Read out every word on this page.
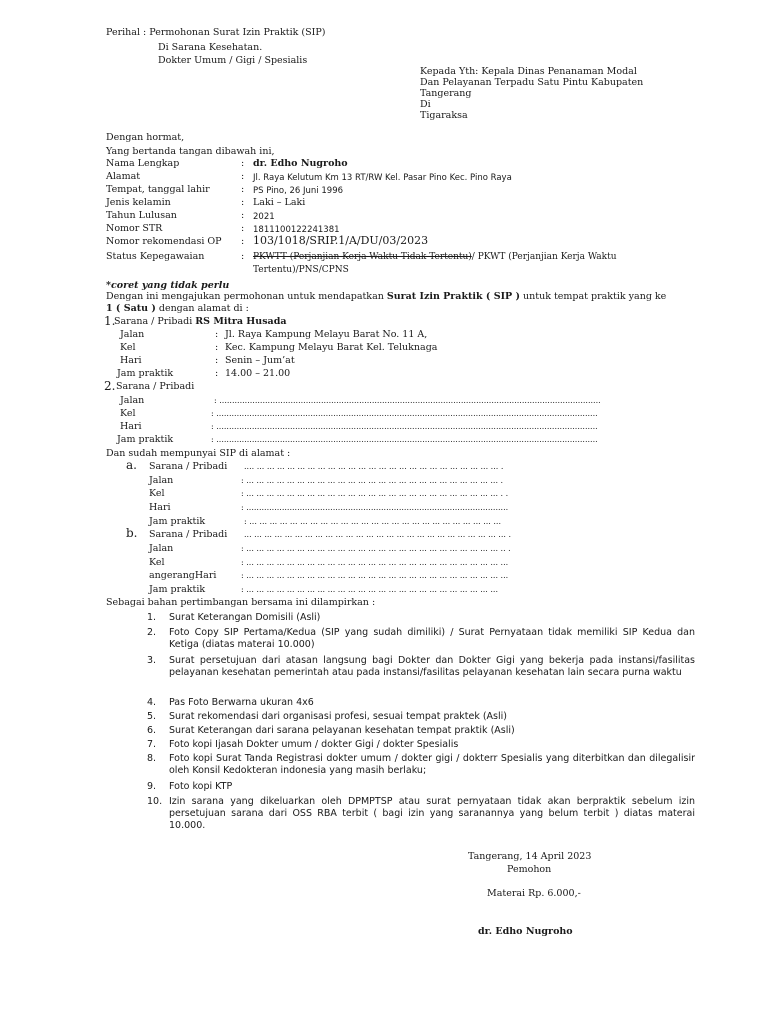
Perihal : Permohonan Surat Izin Praktik (SIP)
Di Sarana Kesehatan.
Dokter Umum / Gigi / Spesialis
Kepada Yth: Kepala Dinas Penanaman Modal
Dan Pelayanan Terpadu Satu Pintu Kabupaten
Tangerang
Di
Tigaraksa
Dengan hormat,
Yang bertanda tangan dibawah ini,
Nama Lengkap	: dr. Edho Nugroho
Alamat	: Jl. Raya Kelutum Km 13 RT/RW Kel. Pasar Pino Kec. Pino Raya
Tempat, tanggal lahir	: PS Pino, 26 Juni 1996
Jenis kelamin	: Laki – Laki
Tahun Lulusan	: 2021
Nomor STR	: 1811100122241381
Nomor rekomendasi OP : 103/1018/SRIP.1/A/DU/03/2023
Status Kepegawaian	: PKWTT (Perjanjian Kerja Waktu Tidak Tertentu)/ PKWT (Perjanjian Kerja Waktu
Tertentu)/PNS/CPNS
*coret yang tidak perlu
Dengan ini mengajukan permohonan untuk mendapatkan Surat Izin Praktik ( SIP ) untuk tempat praktik yang ke
1 ( Satu ) dengan alamat di :
1.
Sarana / Pribadi RS Mitra Husada
Jalan	: Jl. Raya Kampung Melayu Barat No. 11 A,
Kel	: Kec. Kampung Melayu Barat Kel. Teluknaga
Hari	: Senin – Jum’at
Jam praktik	: 14.00 – 21.00
2. Sarana / Pribadi
Jalan	: ......................................................................................................................................................
Kel	: ......................................................................................................................................................
Hari	: ......................................................................................................................................................
Jam praktik	: ......................................................................................................................................................
Dan sudah mempunyai SIP di alamat :
a. Sarana / Pribadi .... ... ... ... ... ... ... ... ... ... ... ... ... ... ... ... ... ... ... ... ... ... ... ... ... .
Jalan	: ... ... ... ... ... ... ... ... ... ... ... ... ... ... ... ... ... ... ... ... ... ... ... ... ... .
Kel	: ... ... ... ... ... ... ... ... ... ... ... ... ... ... ... ... ... ... ... ... ... ... ... ... ... . .
Hari	: .......................................................................................................
Jam praktik	: ... ... ... ... ... ... ... ... ... ... ... ... ... ... ... ... ... ... ... ... ... ... ... ... ...
b. Sarana / Pribadi ... ... ... ... ... ... ... ... ... ... ... ... ... ... ... ... ... ... ... ... ... ... ... ... ... ... .
Jalan	: ... ... ... ... ... ... ... ... ... ... ... ... ... ... ... ... ... ... ... ... ... ... ... ... ... .. .
Kel	: ... ... ... ... ... ... ... ... ... ... ... ... ... ... ... ... ... ... ... ... ... ... ... ... ... ...
angerangHari	: ... ... ... ... ... ... ... ... ... ... ... ... ... ... ... ... ... ... ... ... ... ... ... ... ... ...
Jam praktik	: ... ... ... ... ... ... ... ... ... ... ... ... ... ... ... ... ... ... ... ... ... ... ... ... ...
Sebagai bahan pertimbangan bersama ini dilampirkan :
1. Surat Keterangan Domisili (Asli)
2. Foto Copy SIP Pertama/Kedua (SIP yang sudah dimiliki) / Surat Pernyataan tidak memiliki SIP Kedua dan Ketiga (diatas materai 10.000)
3. Surat persetujuan dari atasan langsung bagi Dokter dan Dokter Gigi yang bekerja pada instansi/fasilitas pelayanan kesehatan pemerintah atau pada instansi/fasilitas pelayanan kesehatan lain secara purna waktu
4. Pas Foto Berwarna ukuran 4x6
5. Surat rekomendasi dari organisasi profesi, sesuai tempat praktek (Asli)
6. Surat Keterangan dari sarana pelayanan kesehatan tempat praktik (Asli)
7. Foto kopi Ijasah Dokter umum / dokter Gigi / dokter Spesialis
8. Foto kopi Surat Tanda Registrasi dokter umum / dokter gigi / dokterr Spesialis yang diterbitkan dan dilegalisir oleh Konsil Kedokteran indonesia yang masih berlaku;
9. Foto kopi KTP
10. Izin sarana yang dikeluarkan oleh DPMPTSP atau surat pernyataan tidak akan berpraktik sebelum izin persetujuan sarana dari OSS RBA terbit ( bagi izin yang saranannya yang belum terbit ) diatas materai 10.000.
Tangerang, 14 April 2023
Pemohon
Materai Rp. 6.000,-
dr. Edho Nugroho
